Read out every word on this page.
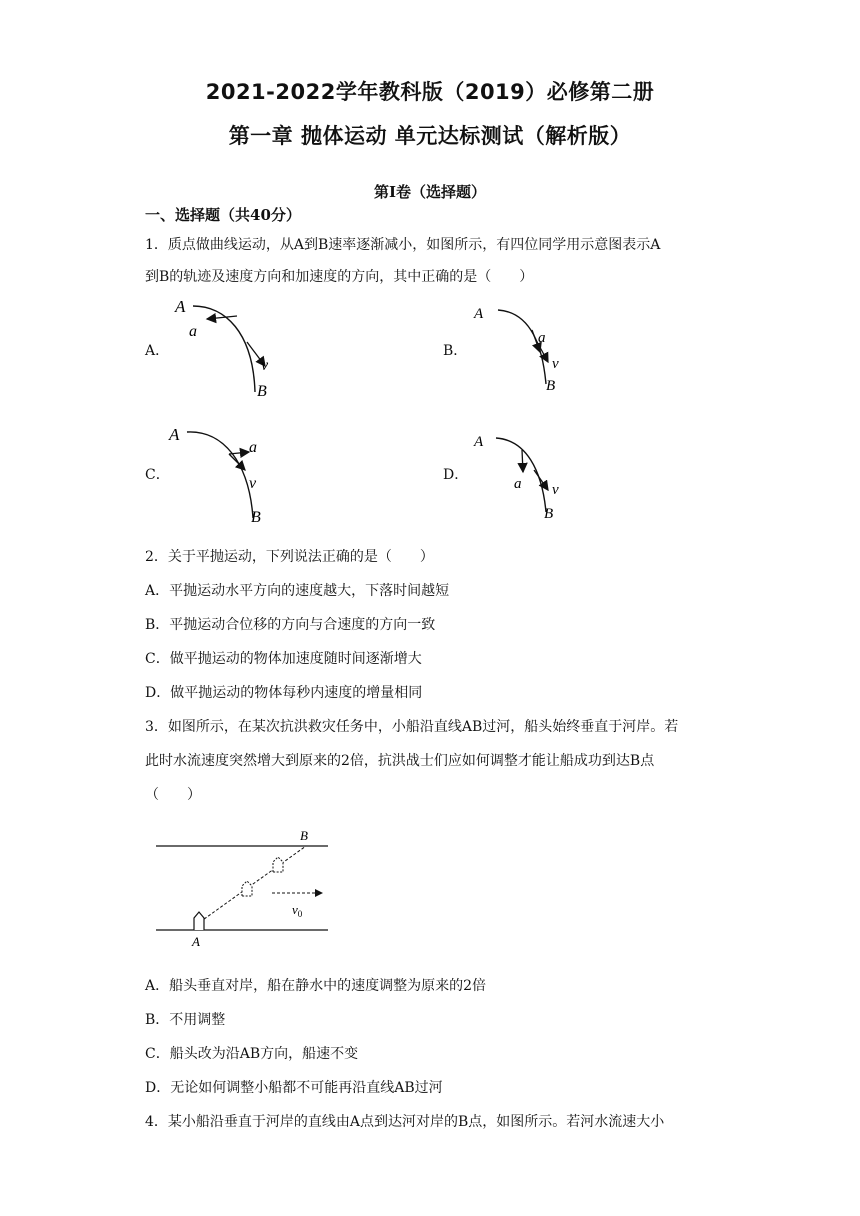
2021-2022学年教科版（2019）必修第二册
第一章 抛体运动 单元达标测试（解析版）
第Ⅰ卷（选择题）
一、选择题（共40分）
1．质点做曲线运动，从A到B速率逐渐减小，如图所示，有四位同学用示意图表示A
到B的轨迹及速度方向和加速度的方向，其中正确的是（　　）
A．
A
a
v
B
B．
A
a
v
B
C．
A
a
v
B
D．
A
a v
B
2．关于平抛运动，下列说法正确的是（　　）
A．平抛运动水平方向的速度越大，下落时间越短
B．平抛运动合位移的方向与合速度的方向一致
C．做平抛运动的物体加速度随时间逐渐增大
D．做平抛运动的物体每秒内速度的增量相同
3．如图所示，在某次抗洪救灾任务中，小船沿直线AB过河，船头始终垂直于河岸。若
此时水流速度突然增大到原来的2倍，抗洪战士们应如何调整才能让船成功到达B点
（　　）
$v_0$
B
A
A．船头垂直对岸，船在静水中的速度调整为原来的2倍
B．不用调整
C．船头改为沿AB方向，船速不变
D．无论如何调整小船都不可能再沿直线AB过河
4．某小船沿垂直于河岸的直线由A点到达河对岸的B点，如图所示。若河水流速大小
